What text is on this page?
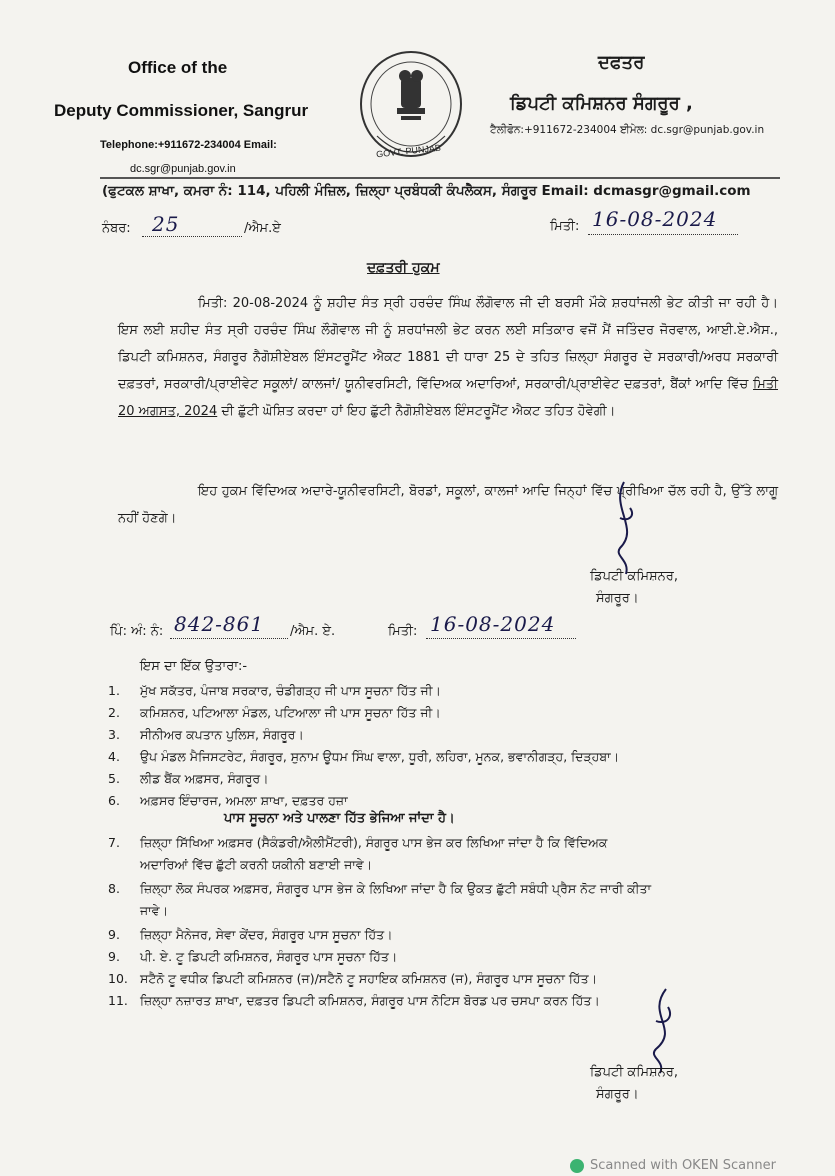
Office of the
Deputy Commissioner, Sangrur
Telephone:+911672-234004 Email:
dc.sgr@punjab.gov.in
GOVT. PUNJAB
ਦਫਤਰ
ਡਿਪਟੀ ਕਮਿਸ਼ਨਰ ਸੰਗਰੂਰ ,
ਟੈਲੀਫੋਨ:+911672-234004 ਈਮੇਲ: dc.sgr@punjab.gov.in
(ਫੁਟਕਲ ਸ਼ਾਖਾ, ਕਮਰਾ ਨੰ: 114, ਪਹਿਲੀ ਮੰਜ਼ਿਲ, ਜ਼ਿਲ੍ਹਾ ਪ੍ਰਬੰਧਕੀ ਕੰਪਲੈਕਸ, ਸੰਗਰੂਰ Email: dcmasgr@gmail.com
ਨੰਬਰ: 25	/ਐਮ.ਏ	ਮਿਤੀ: 16-08-2024
ਦਫ਼ਤਰੀ ਹੁਕਮ
ਮਿਤੀ: 20-08-2024 ਨੂੰ ਸ਼ਹੀਦ ਸੰਤ ਸ੍ਰੀ ਹਰਚੰਦ ਸਿੰਘ ਲੌਗੋਵਾਲ ਜੀ ਦੀ ਬਰਸੀ ਮੌਕੇ ਸ਼ਰਧਾਂਜਲੀ ਭੇਟ ਕੀਤੀ ਜਾ ਰਹੀ ਹੈ। ਇਸ ਲਈ ਸ਼ਹੀਦ ਸੰਤ ਸ੍ਰੀ ਹਰਚੰਦ ਸਿੰਘ ਲੌਗੋਵਾਲ ਜੀ ਨੂੰ ਸ਼ਰਧਾਂਜਲੀ ਭੇਟ ਕਰਨ ਲਈ ਸਤਿਕਾਰ ਵਜੋਂ ਮੈਂ ਜਤਿੰਦਰ ਜੋਰਵਾਲ, ਆਈ.ਏ.ਐਸ., ਡਿਪਟੀ ਕਮਿਸ਼ਨਰ, ਸੰਗਰੂਰ ਨੈਗੋਸ਼ੀਏਬਲ ਇੰਸਟਰੂਮੈਂਟ ਐਕਟ 1881 ਦੀ ਧਾਰਾ 25 ਦੇ ਤਹਿਤ ਜ਼ਿਲ੍ਹਾ ਸੰਗਰੂਰ ਦੇ ਸਰਕਾਰੀ/ਅਰਧ ਸਰਕਾਰੀ ਦਫ਼ਤਰਾਂ, ਸਰਕਾਰੀ/ਪ੍ਰਾਈਵੇਟ ਸਕੂਲਾਂ/ ਕਾਲਜਾਂ/ ਯੂਨੀਵਰਸਿਟੀ, ਵਿੱਦਿਅਕ ਅਦਾਰਿਆਂ, ਸਰਕਾਰੀ/ਪ੍ਰਾਈਵੇਟ ਦਫ਼ਤਰਾਂ, ਬੈਂਕਾਂ ਆਦਿ ਵਿੱਚ ਮਿਤੀ 20 ਅਗਸਤ, 2024 ਦੀ ਛੁੱਟੀ ਘੋਸ਼ਿਤ ਕਰਦਾ ਹਾਂ ਇਹ ਛੁੱਟੀ ਨੈਗੋਸ਼ੀਏਬਲ ਇੰਸਟਰੂਮੈਂਟ ਐਕਟ ਤਹਿਤ ਹੋਵੇਗੀ।
ਇਹ ਹੁਕਮ ਵਿੱਦਿਅਕ ਅਦਾਰੇ-ਯੂਨੀਵਰਸਿਟੀ, ਬੋਰਡਾਂ, ਸਕੂਲਾਂ, ਕਾਲਜਾਂ ਆਦਿ ਜਿਨ੍ਹਾਂ ਵਿੱਚ ਪ੍ਰੀਖਿਆ ਚੱਲ ਰਹੀ ਹੈ, ਉੱਤੇ ਲਾਗੂ ਨਹੀਂ ਹੋਣਗੇ।
ਡਿਪਟੀ ਕਮਿਸ਼ਨਰ,
ਸੰਗਰੂਰ।
ਪਿੰ: ਅੰ: ਨੰ: 842-861 /ਐਮ. ਏ.	ਮਿਤੀ: 16-08-2024
ਇਸ ਦਾ ਇੱਕ ਉਤਾਰਾ:-
1. ਮੁੱਖ ਸਕੱਤਰ, ਪੰਜਾਬ ਸਰਕਾਰ, ਚੰਡੀਗੜ੍ਹ ਜੀ ਪਾਸ ਸੂਚਨਾ ਹਿੱਤ ਜੀ।
2. ਕਮਿਸ਼ਨਰ, ਪਟਿਆਲਾ ਮੰਡਲ, ਪਟਿਆਲਾ ਜੀ ਪਾਸ ਸੂਚਨਾ ਹਿੱਤ ਜੀ।
3. ਸੀਨੀਅਰ ਕਪਤਾਨ ਪੁਲਿਸ, ਸੰਗਰੂਰ।
4. ਉਪ ਮੰਡਲ ਮੈਜਿਸਟਰੇਟ, ਸੰਗਰੂਰ, ਸੁਨਾਮ ਊਧਮ ਸਿੰਘ ਵਾਲਾ, ਧੂਰੀ, ਲਹਿਰਾ, ਮੂਨਕ, ਭਵਾਨੀਗੜ੍ਹ, ਦਿੜ੍ਹਬਾ।
5. ਲੀਡ ਬੈਂਕ ਅਫ਼ਸਰ, ਸੰਗਰੂਰ।
6. ਅਫ਼ਸਰ ਇੰਚਾਰਜ, ਅਮਲਾ ਸ਼ਾਖਾ, ਦਫ਼ਤਰ ਹਜ਼ਾ
ਪਾਸ ਸੂਚਨਾ ਅਤੇ ਪਾਲਣਾ ਹਿੱਤ ਭੇਜਿਆ ਜਾਂਦਾ ਹੈ।
7. ਜ਼ਿਲ੍ਹਾ ਸਿੱਖਿਆ ਅਫ਼ਸਰ (ਸੈਕੰਡਰੀ/ਐਲੀਮੈਂਟਰੀ), ਸੰਗਰੂਰ ਪਾਸ ਭੇਜ ਕਰ ਲਿਖਿਆ ਜਾਂਦਾ ਹੈ ਕਿ ਵਿੱਦਿਅਕ
ਅਦਾਰਿਆਂ ਵਿੱਚ ਛੁੱਟੀ ਕਰਨੀ ਯਕੀਨੀ ਬਣਾਈ ਜਾਵੇ।
8. ਜ਼ਿਲ੍ਹਾ ਲੋਕ ਸੰਪਰਕ ਅਫ਼ਸਰ, ਸੰਗਰੂਰ ਪਾਸ ਭੇਜ ਕੇ ਲਿਖਿਆ ਜਾਂਦਾ ਹੈ ਕਿ ਉਕਤ ਛੁੱਟੀ ਸਬੰਧੀ ਪ੍ਰੈਸ ਨੋਟ ਜਾਰੀ ਕੀਤਾ
ਜਾਵੇ।
9. ਜ਼ਿਲ੍ਹਾ ਮੈਨੇਜਰ, ਸੇਵਾ ਕੇਂਦਰ, ਸੰਗਰੂਰ ਪਾਸ ਸੂਚਨਾ ਹਿੱਤ।
9. ਪੀ. ਏ. ਟੂ ਡਿਪਟੀ ਕਮਿਸ਼ਨਰ, ਸੰਗਰੂਰ ਪਾਸ ਸੂਚਨਾ ਹਿੱਤ।
10. ਸਟੈਨੋ ਟੂ ਵਧੀਕ ਡਿਪਟੀ ਕਮਿਸ਼ਨਰ (ਜ)/ਸਟੈਨੋ ਟੂ ਸਹਾਇਕ ਕਮਿਸ਼ਨਰ (ਜ), ਸੰਗਰੂਰ ਪਾਸ ਸੂਚਨਾ ਹਿੱਤ।
11. ਜ਼ਿਲ੍ਹਾ ਨਜ਼ਾਰਤ ਸ਼ਾਖਾ, ਦਫ਼ਤਰ ਡਿਪਟੀ ਕਮਿਸ਼ਨਰ, ਸੰਗਰੂਰ ਪਾਸ ਨੋਟਿਸ ਬੋਰਡ ਪਰ ਚਸਪਾ ਕਰਨ ਹਿੱਤ।
ਡਿਪਟੀ ਕਮਿਸ਼ਨਰ,
ਸੰਗਰੂਰ।
Scanned with OKEN Scanner
